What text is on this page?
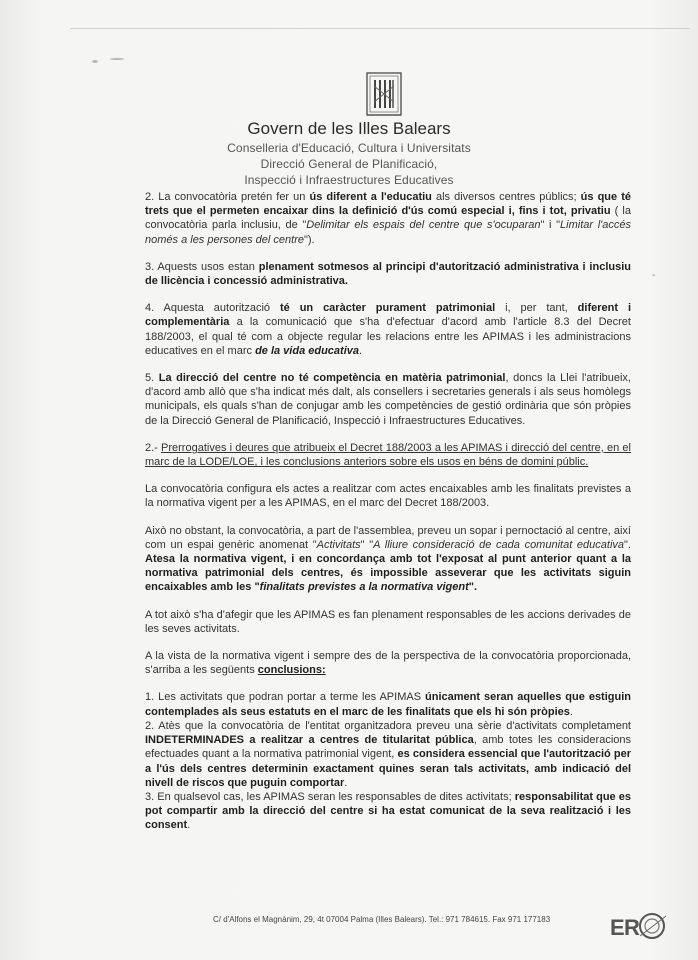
Govern de les Illes Balears
Conselleria d'Educació, Cultura i Universitats
Direcció General de Planificació,
Inspecció i Infraestructures Educatives
-

2. La convocatòria pretén fer un ús diferent a l'educatiu als diversos centres públics; ús que té trets que el permeten encaixar dins la definició d'ús comú especial i, fins i tot, privatiu ( la convocatòria parla inclusiu, de "Delimitar els espais del centre que s'ocuparan" i "Limitar l'accés només a les persones del centre").

3. Aquests usos estan plenament sotmesos al principi d'autorització administrativa i inclusiu de llicència i concessió administrativa.

4. Aquesta autorització té un caràcter purament patrimonial i, per tant, diferent i complementària a la comunicació que s'ha d'efectuar d'acord amb l'article 8.3 del Decret 188/2003, el qual té com a objecte regular les relacions entre les APIMAS i les administracions educatives en el marc de la vida educativa.

5. La direcció del centre no té competència en matèria patrimonial, doncs la Llei l'atribueix, d'acord amb allò que s'ha indicat més dalt, als consellers i secretaries generals i als seus homòlegs municipals, els quals s'han de conjugar amb les competències de gestió ordinària que són pròpies de la Direcció General de Planificació, Inspecció i Infraestructures Educatives.

2.- Prerrogatives i deures que atribueix el Decret 188/2003 a les APIMAS i direcció del centre, en el marc de la LODE/LOE, i les conclusions anteriors sobre els usos en béns de domini públic.

La convocatòria configura els actes a realitzar com actes encaixables amb les finalitats previstes a la normativa vigent per a les APIMAS, en el marc del Decret 188/2003.

Això no obstant, la convocatòria, a part de l'assemblea, preveu un sopar i pernoctació al centre, així com un espai genèric anomenat "Activitats" "A lliure consideració de cada comunitat educativa". Atesa la normativa vigent, i en concordança amb tot l'exposat al punt anterior quant a la normativa patrimonial dels centres, és impossible asseverar que les activitats siguin encaixables amb les "finalitats previstes a la normativa vigent".

A tot això s'ha d'afegir que les APIMAS es fan plenament responsables de les accions derivades de les seves activitats.

A la vista de la normativa vigent i sempre des de la perspectiva de la convocatòria proporcionada, s'arriba a les següents conclusions:

1. Les activitats que podran portar a terme les APIMAS únicament seran aquelles que estiguin contemplades als seus estatuts en el marc de les finalitats que els hi són pròpies.

2. Atès que la convocatòria de l'entitat organitzadora preveu una sèrie d'activitats completament INDETERMINADES a realitzar a centres de titularitat pública, amb totes les consideracions efectuades quant a la normativa patrimonial vigent, es considera essencial que l'autorització per a l'ús dels centres determinin exactament quines seran tals activitats, amb indicació del nivell de riscos que puguin comportar.

3. En qualsevol cas, les APIMAS seran les responsables de dites activitats; responsabilitat que es pot compartir amb la direcció del centre si ha estat comunicat de la seva realització i les consent.

C/ d'Alfons el Magnànim, 29, 4t 07004 Palma (Illes Balears). Tel.: 971 784615. Fax 971 177183	E R
